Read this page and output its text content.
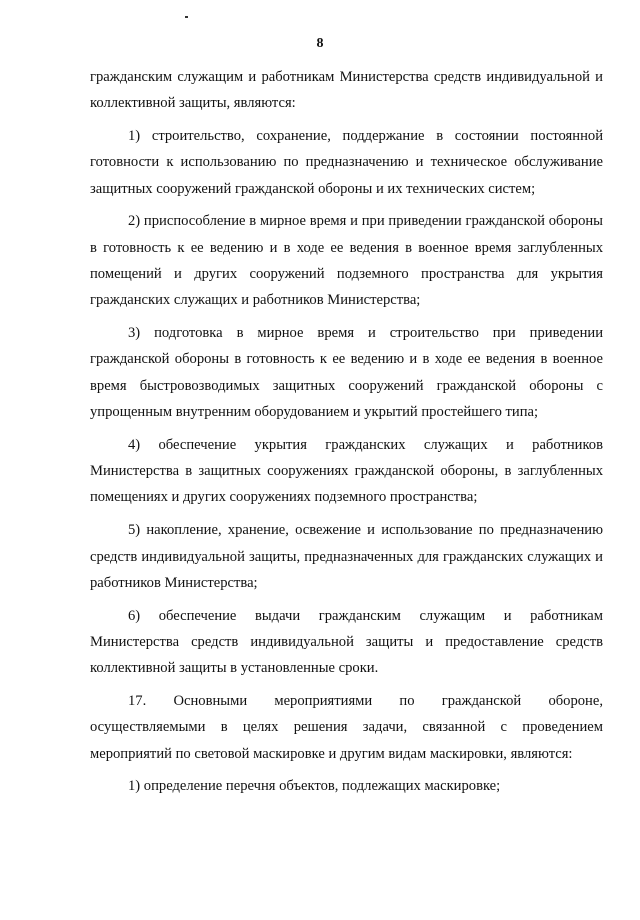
8

гражданским служащим и работникам Министерства средств индивидуальной и коллективной защиты, являются:

1) строительство, сохранение, поддержание в состоянии постоянной готовности к использованию по предназначению и техническое обслуживание защитных сооружений гражданской обороны и их технических систем;

2) приспособление в мирное время и при приведении гражданской обороны в готовность к ее ведению и в ходе ее ведения в военное время заглубленных помещений и других сооружений подземного пространства для укрытия гражданских служащих и работников Министерства;

3) подготовка в мирное время и строительство при приведении гражданской обороны в готовность к ее ведению и в ходе ее ведения в военное время быстровозводимых защитных сооружений гражданской обороны с упрощенным внутренним оборудованием и укрытий простейшего типа;

4) обеспечение укрытия гражданских служащих и работников Министерства в защитных сооружениях гражданской обороны, в заглубленных помещениях и других сооружениях подземного пространства;

5) накопление, хранение, освежение и использование по предназначению средств индивидуальной защиты, предназначенных для гражданских служащих и работников Министерства;

6) обеспечение выдачи гражданским служащим и работникам Министерства средств индивидуальной защиты и предоставление средств коллективной защиты в установленные сроки.

17. Основными мероприятиями по гражданской обороне, осуществляемыми в целях решения задачи, связанной с проведением мероприятий по световой маскировке и другим видам маскировки, являются:

1) определение перечня объектов, подлежащих маскировке;
